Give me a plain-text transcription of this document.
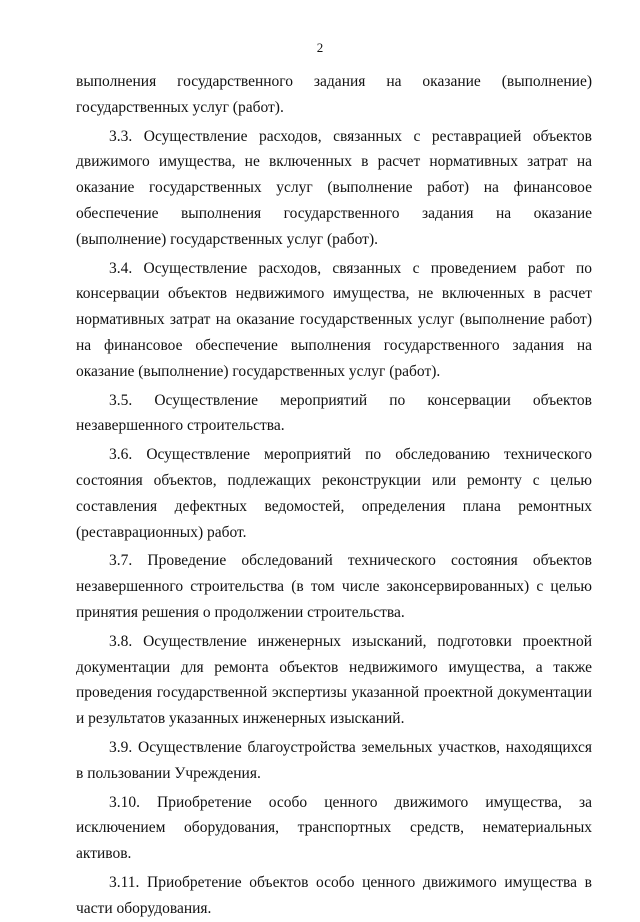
2

выполнения государственного задания на оказание (выполнение) государственных услуг (работ).

3.3. Осуществление расходов, связанных с реставрацией объектов движимого имущества, не включенных в расчет нормативных затрат на оказание государственных услуг (выполнение работ) на финансовое обеспечение выполнения государственного задания на оказание (выполнение) государственных услуг (работ).

3.4. Осуществление расходов, связанных с проведением работ по консервации объектов недвижимого имущества, не включенных в расчет нормативных затрат на оказание государственных услуг (выполнение работ) на финансовое обеспечение выполнения государственного задания на оказание (выполнение) государственных услуг (работ).

3.5. Осуществление мероприятий по консервации объектов незавершенного строительства.

3.6. Осуществление мероприятий по обследованию технического состояния объектов, подлежащих реконструкции или ремонту с целью составления дефектных ведомостей, определения плана ремонтных (реставрационных) работ.

3.7. Проведение обследований технического состояния объектов незавершенного строительства (в том числе законсервированных) с целью принятия решения о продолжении строительства.

3.8. Осуществление инженерных изысканий, подготовки проектной документации для ремонта объектов недвижимого имущества, а также проведения государственной экспертизы указанной проектной документации и результатов указанных инженерных изысканий.

3.9. Осуществление благоустройства земельных участков, находящихся в пользовании Учреждения.

3.10. Приобретение особо ценного движимого имущества, за исключением оборудования, транспортных средств, нематериальных активов.

3.11. Приобретение объектов особо ценного движимого имущества в части оборудования.
